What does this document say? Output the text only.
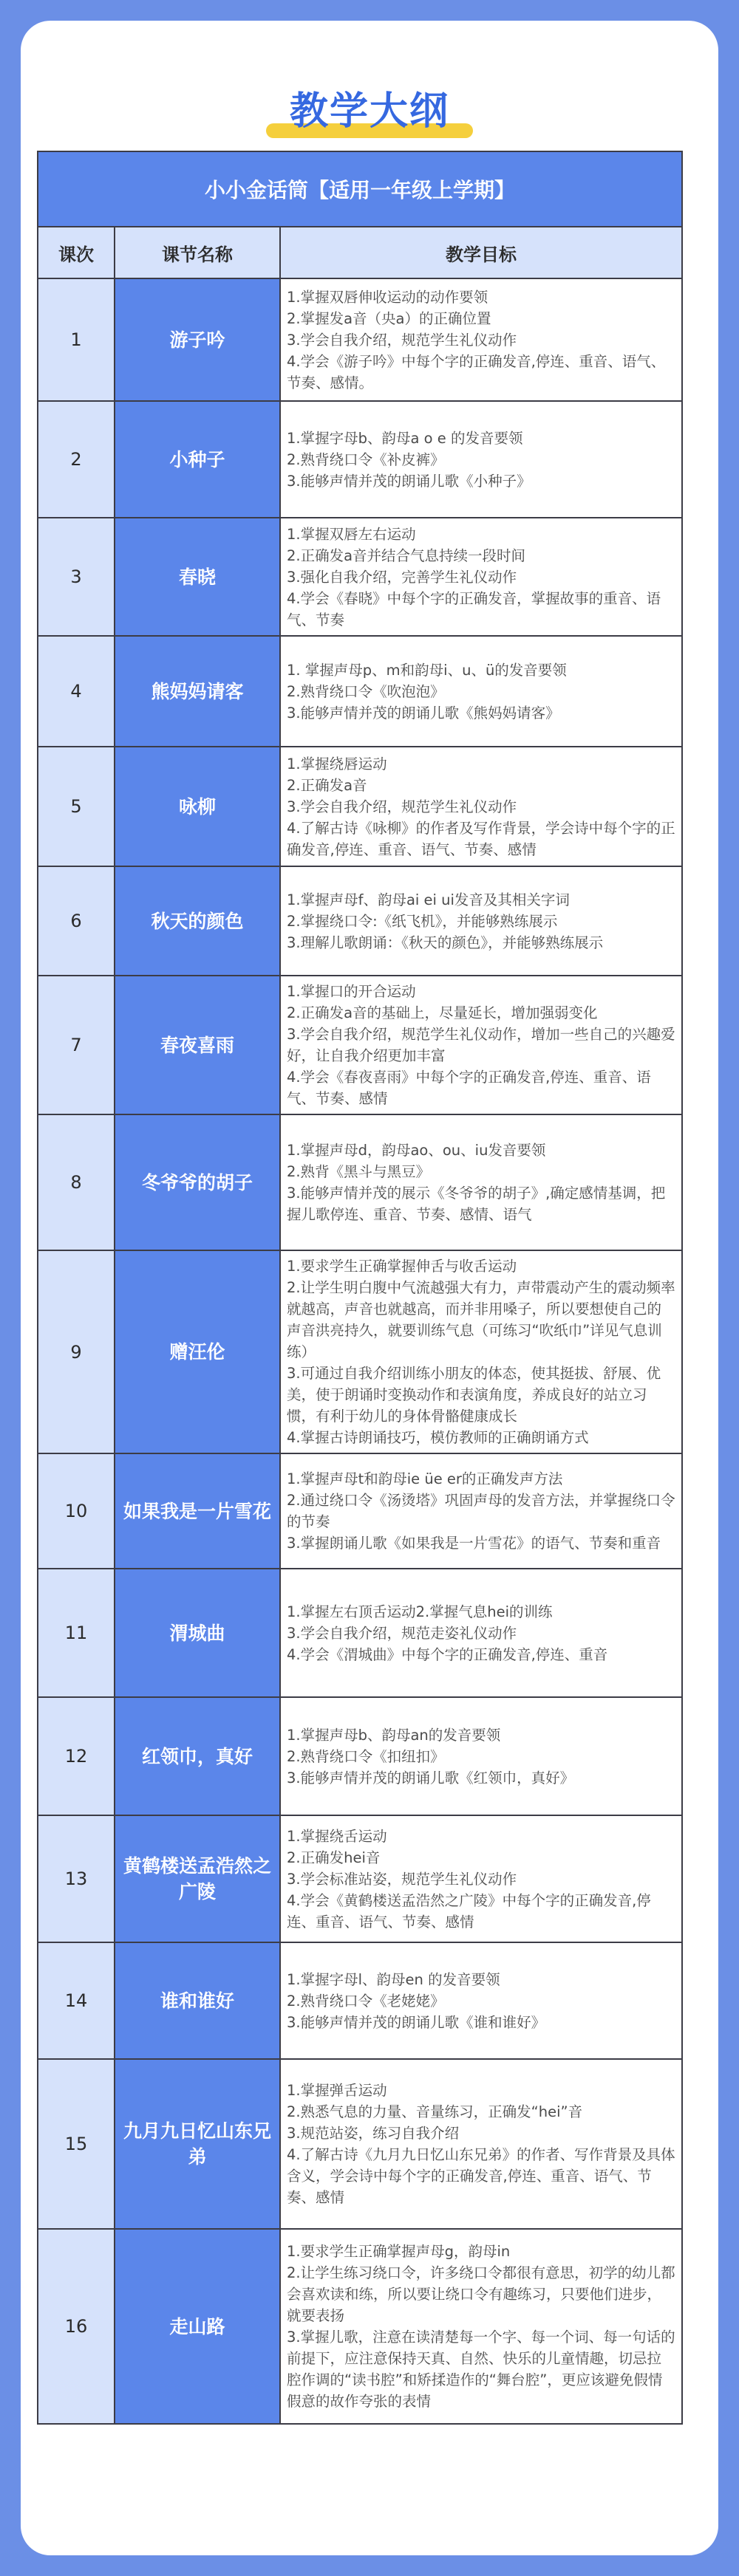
教学大纲
小小金话筒【适用一年级上学期】		
课次	课节名称	教学目标
1	游子吟	1.掌握双唇伸收运动的动作要领
2.掌握发a音（央a）的正确位置
3.学会自我介绍，规范学生礼仪动作
4.学会《游子吟》中每个字的正确发音,停连、重音、语气、节奏、感情。

2	小种子	1.掌握字母b、韵母a o e 的发音要领
2.熟背绕口令《补皮裤》
3.能够声情并茂的朗诵儿歌《小种子》

3	春晓	1.掌握双唇左右运动
2.正确发a音并结合气息持续一段时间
3.强化自我介绍，完善学生礼仪动作
4.学会《春晓》中每个字的正确发音，掌握故事的重音、语气、节奏

4	熊妈妈请客	1. 掌握声母p、m和韵母i、u、ü的发音要领
2.熟背绕口令《吹泡泡》
3.能够声情并茂的朗诵儿歌《熊妈妈请客》

5	咏柳	1.掌握绕唇运动
2.正确发a音
3.学会自我介绍，规范学生礼仪动作
4.了解古诗《咏柳》的作者及写作背景，学会诗中每个字的正确发音,停连、重音、语气、节奏、感情

6	秋天的颜色	1.掌握声母f、韵母ai ei ui发音及其相关字词
2.掌握绕口令:《纸飞机》，并能够熟练展示
3.理解儿歌朗诵：《秋天的颜色》，并能够熟练展示

7	春夜喜雨	1.掌握口的开合运动
2.正确发a音的基础上，尽量延长，增加强弱变化
3.学会自我介绍，规范学生礼仪动作，增加一些自己的兴趣爱好，让自我介绍更加丰富
4.学会《春夜喜雨》中每个字的正确发音,停连、重音、语气、节奏、感情

8	冬爷爷的胡子	1.掌握声母d，韵母ao、ou、iu发音要领
2.熟背《黑斗与黑豆》
3.能够声情并茂的展示《冬爷爷的胡子》,确定感情基调，把握儿歌停连、重音、节奏、感情、语气

9	赠汪伦	1.要求学生正确掌握伸舌与收舌运动
2.让学生明白腹中气流越强大有力，声带震动产生的震动频率就越高，声音也就越高，而并非用嗓子，所以要想使自己的声音洪亮持久，就要训练气息（可练习“吹纸巾”详见气息训练）
3.可通过自我介绍训练小朋友的体态，使其挺拔、舒展、优美，使于朗诵时变换动作和表演角度，养成良好的站立习惯，有利于幼儿的身体骨骼健康成长
4.掌握古诗朗诵技巧，模仿教师的正确朗诵方式

10	如果我是一片雪花	1.掌握声母t和韵母ie üe er的正确发声方法
2.通过绕口令《汤烫塔》巩固声母的发音方法，并掌握绕口令的节奏
3.掌握朗诵儿歌《如果我是一片雪花》的语气、节奏和重音

11	渭城曲	1.掌握左右顶舌运动2.掌握气息hei的训练
3.学会自我介绍，规范走姿礼仪动作
4.学会《渭城曲》中每个字的正确发音,停连、重音

12	红领巾，真好	1.掌握声母b、韵母an的发音要领
2.熟背绕口令《扣纽扣》
3.能够声情并茂的朗诵儿歌《红领巾，真好》

13	黄鹤楼送孟浩然之广陵	1.掌握绕舌运动
2.正确发hei音
3.学会标准站姿，规范学生礼仪动作
4.学会《黄鹤楼送孟浩然之广陵》中每个字的正确发音,停连、重音、语气、节奏、感情

14	谁和谁好	1.掌握字母l、韵母en 的发音要领
2.熟背绕口令《老姥姥》
3.能够声情并茂的朗诵儿歌《谁和谁好》

15	九月九日忆山东兄弟	1.掌握弹舌运动
2.熟悉气息的力量、音量练习，正确发“hei”音
3.规范站姿，练习自我介绍
4.了解古诗《九月九日忆山东兄弟》的作者、写作背景及具体含义，学会诗中每个字的正确发音,停连、重音、语气、节奏、感情

16	走山路	1.要求学生正确掌握声母g，韵母in
2.让学生练习绕口令，许多绕口令都很有意思，初学的幼儿都会喜欢读和练，所以要让绕口令有趣练习，只要他们进步，就要表扬
3.掌握儿歌，注意在读清楚每一个字、每一个词、每一句话的前提下，应注意保持天真、自然、快乐的儿童情趣，切忌拉腔作调的“读书腔”和矫揉造作的“舞台腔”，更应该避免假情假意的故作夸张的表情
